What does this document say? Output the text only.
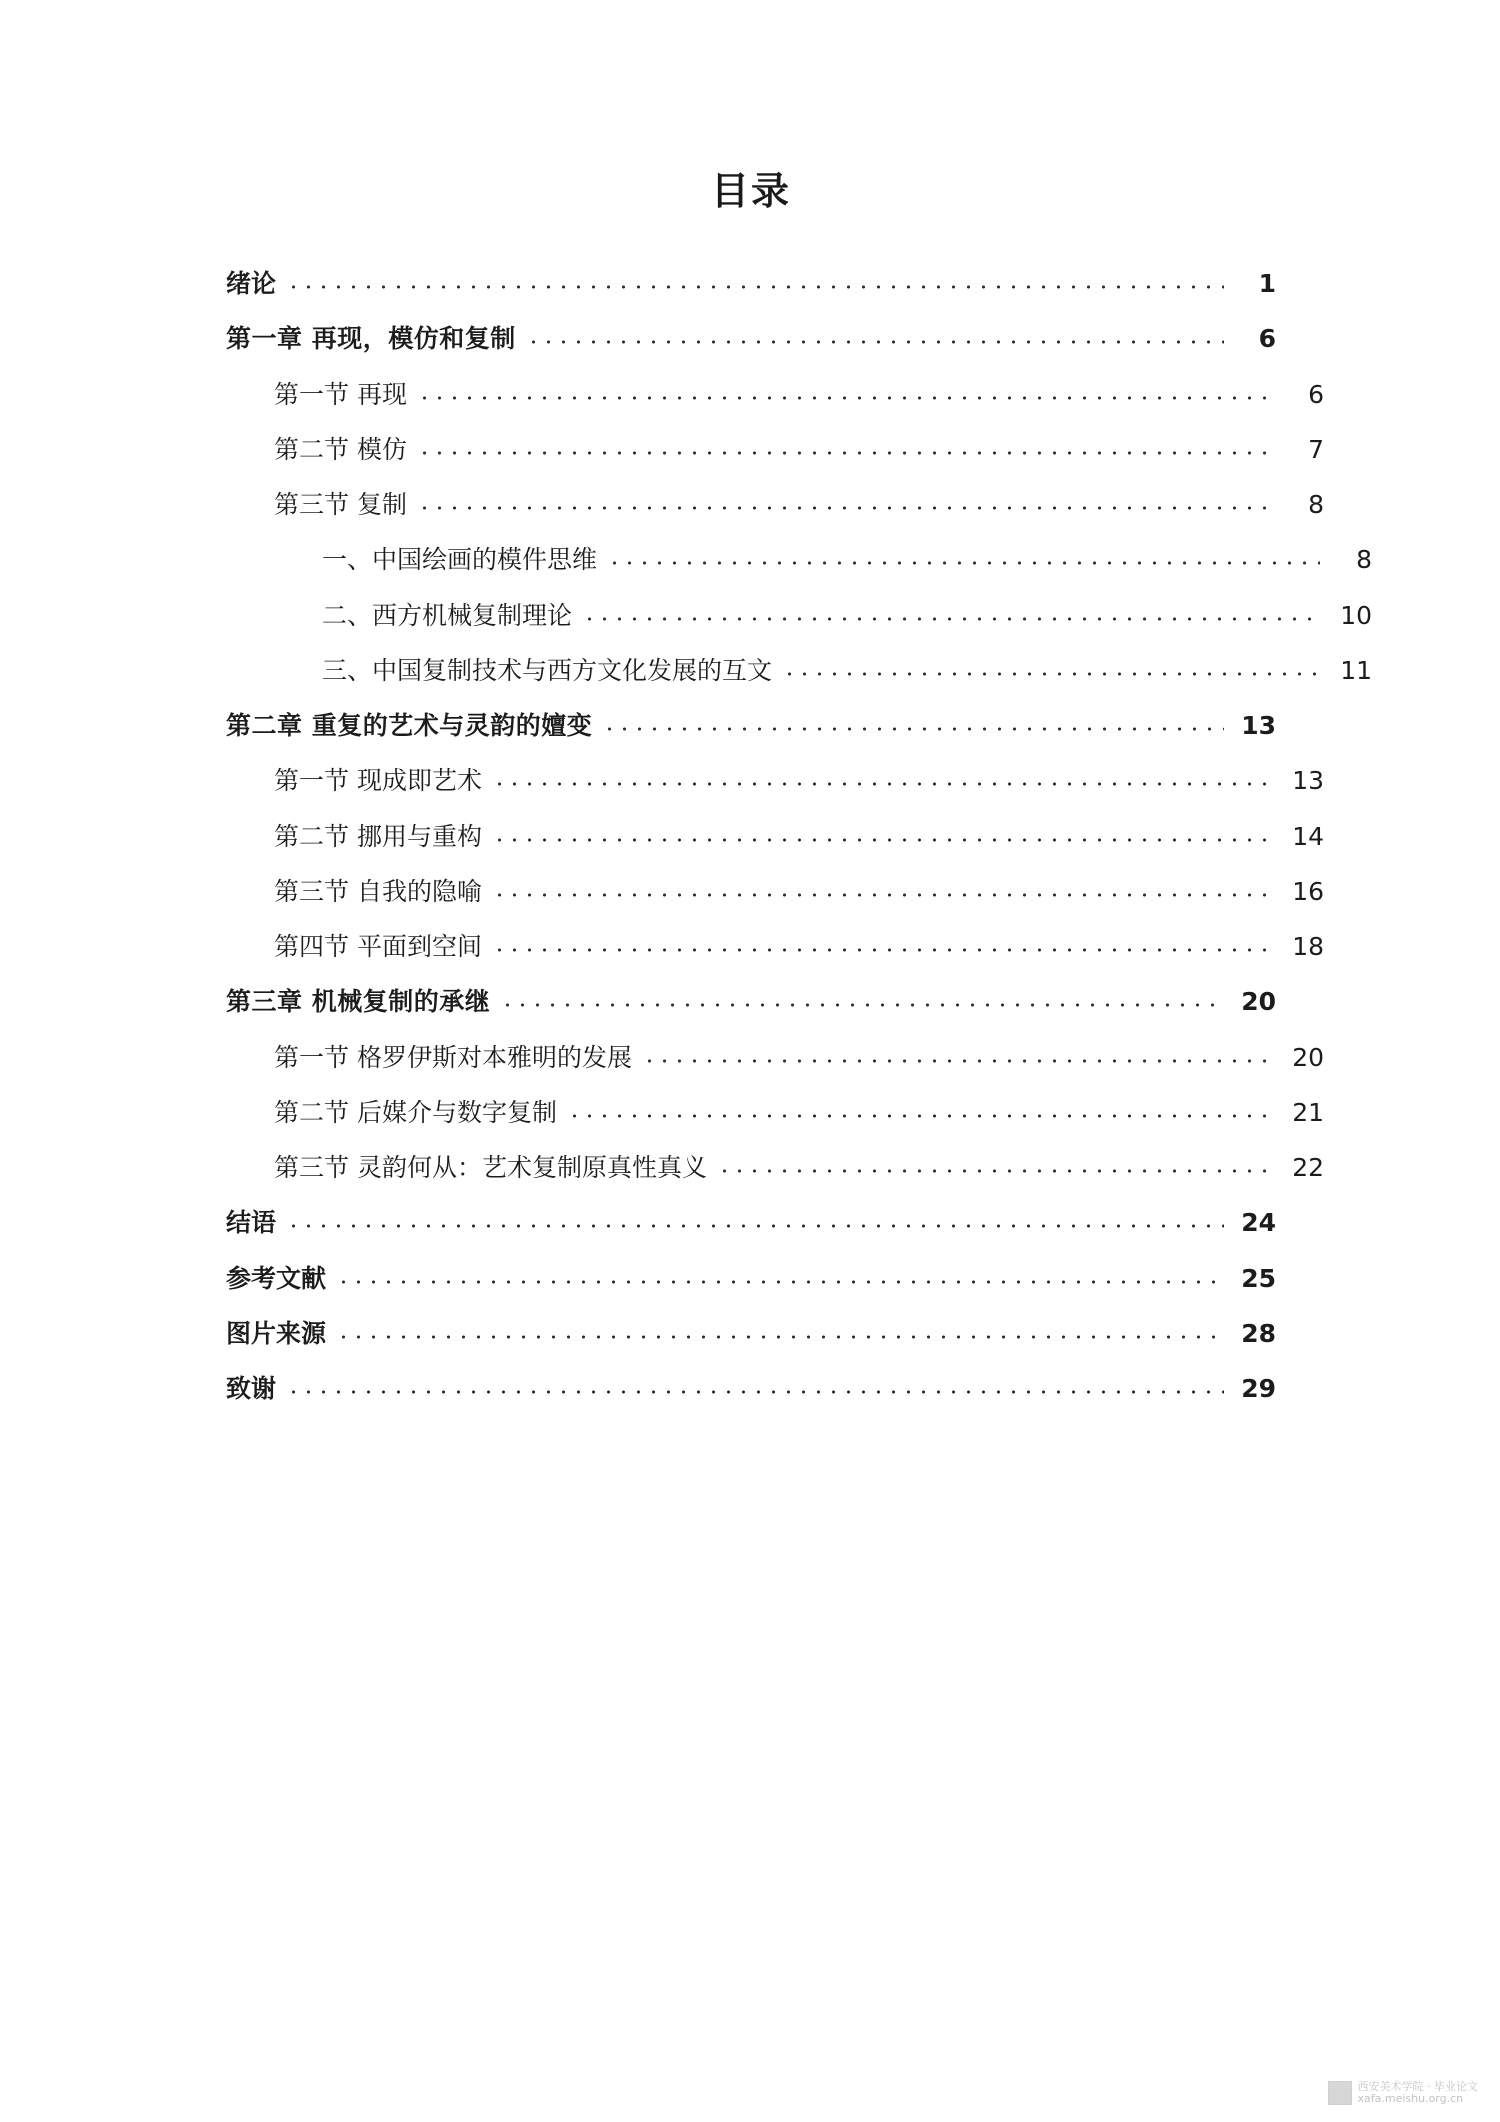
目录
绪论	1
第一章 再现，模仿和复制	6
第一节 再现	6
第二节 模仿	7
第三节 复制	8
一、中国绘画的模件思维	8
二、西方机械复制理论	10
三、中国复制技术与西方文化发展的互文	11
第二章 重复的艺术与灵韵的嬗变	13
第一节 现成即艺术	13
第二节 挪用与重构	14
第三节 自我的隐喻	16
第四节 平面到空间	18
第三章 机械复制的承继	20
第一节 格罗伊斯对本雅明的发展	20
第二节 后媒介与数字复制	21
第三节 灵韵何从：艺术复制原真性真义	22
结语	24
参考文献	25
图片来源	28
致谢	29
西安美术学院 · 毕业论文
xafa.meishu.org.cn
